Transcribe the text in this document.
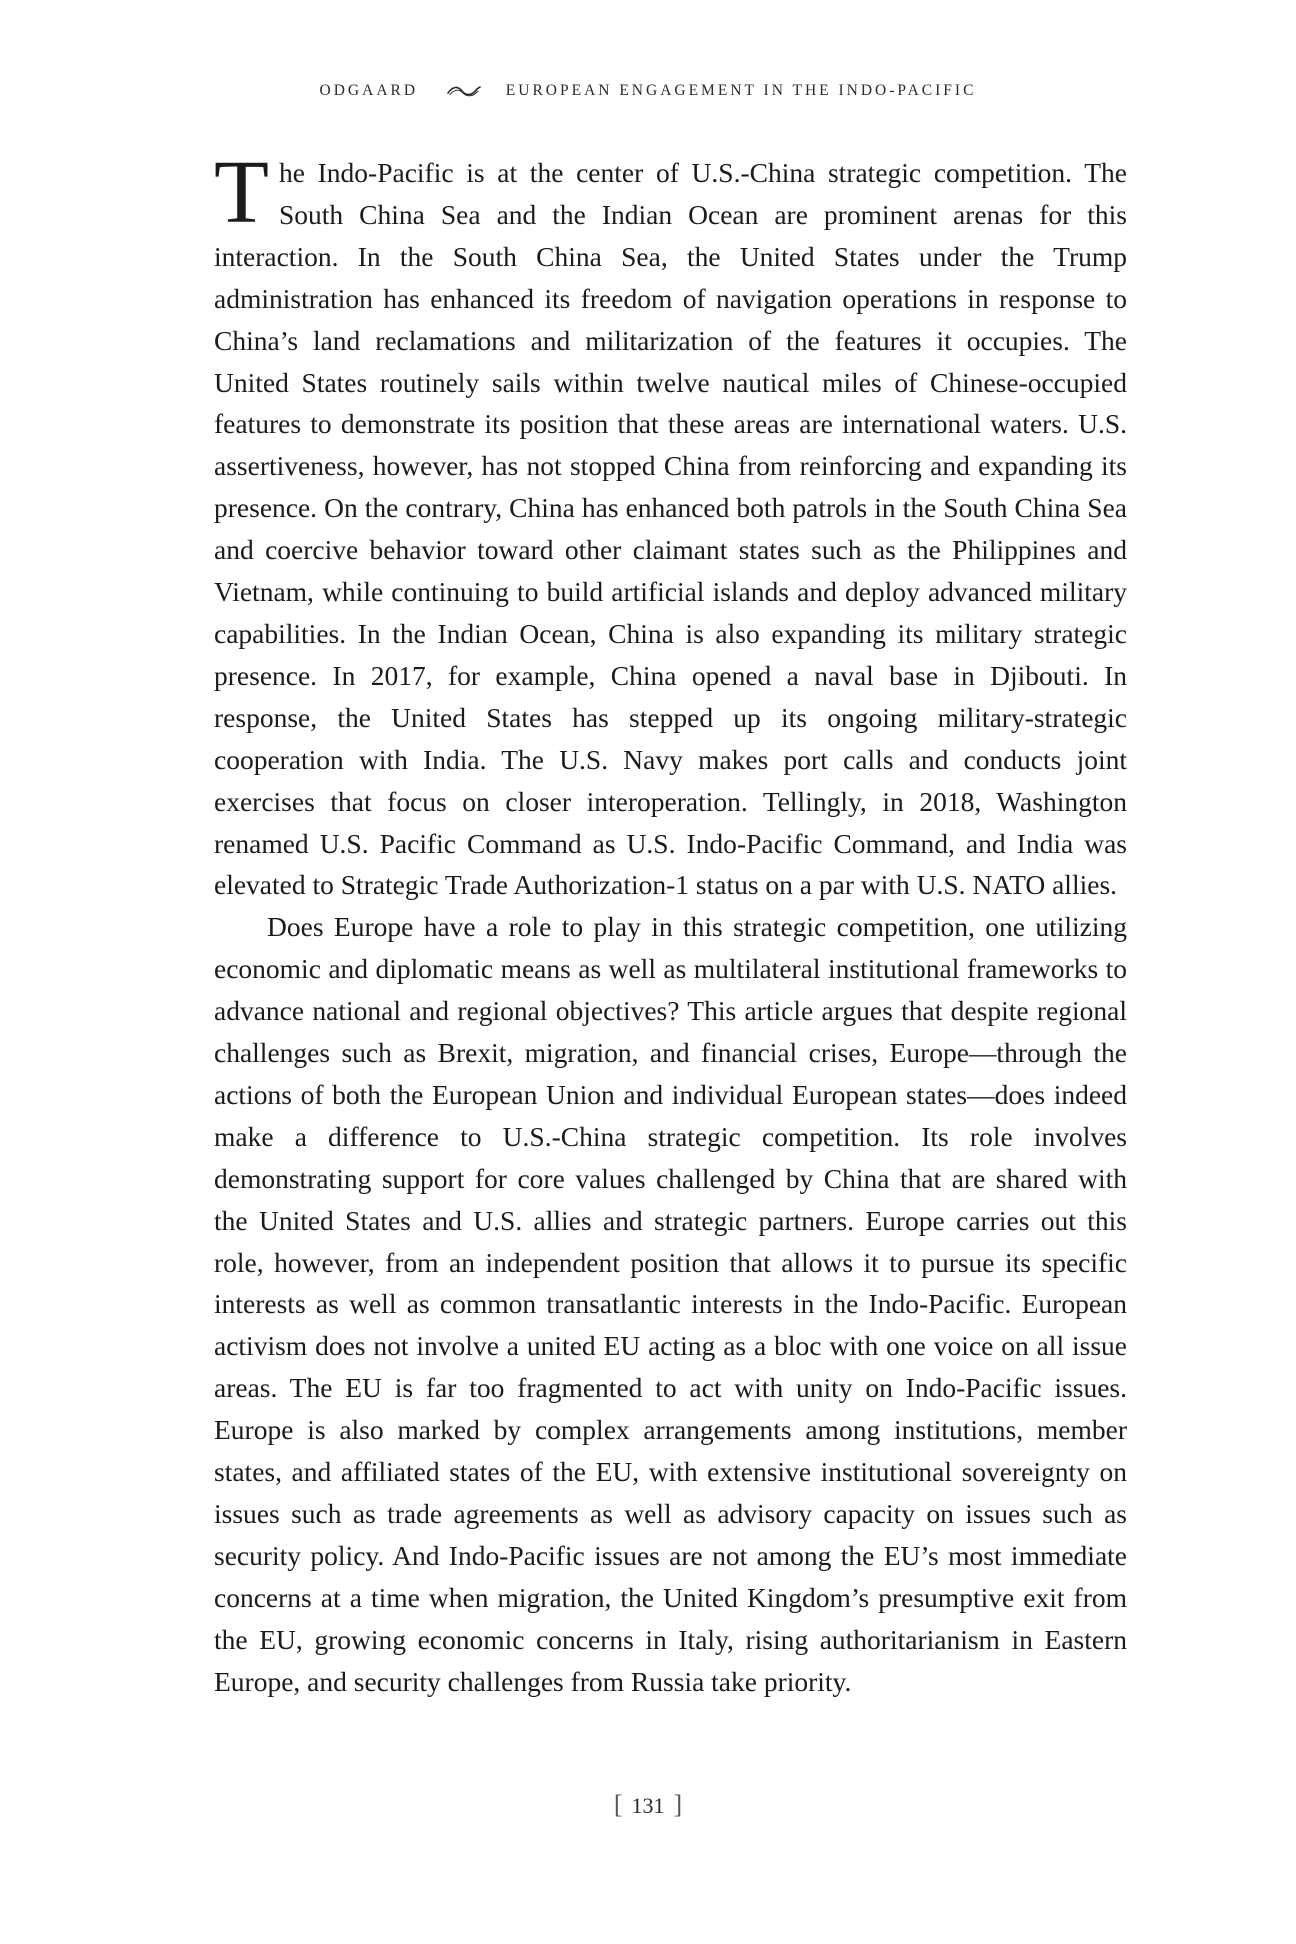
ODGAARD	EUROPEAN ENGAGEMENT IN THE INDO-PACIFIC

The Indo-Pacific is at the center of U.S.-China strategic competition. The South China Sea and the Indian Ocean are prominent arenas for this interaction. In the South China Sea, the United States under the Trump administration has enhanced its freedom of navigation operations in response to China’s land reclamations and militarization of the features it occupies. The United States routinely sails within twelve nautical miles of Chinese-occupied features to demonstrate its position that these areas are international waters. U.S. assertiveness, however, has not stopped China from reinforcing and expanding its presence. On the contrary, China has enhanced both patrols in the South China Sea and coercive behavior toward other claimant states such as the Philippines and Vietnam, while continuing to build artificial islands and deploy advanced military capabilities. In the Indian Ocean, China is also expanding its military strategic presence. In 2017, for example, China opened a naval base in Djibouti. In response, the United States has stepped up its ongoing military-strategic cooperation with India. The U.S. Navy makes port calls and conducts joint exercises that focus on closer interoperation. Tellingly, in 2018, Washington renamed U.S. Pacific Command as U.S. Indo-Pacific Command, and India was elevated to Strategic Trade Authorization-1 status on a par with U.S. NATO allies.

Does Europe have a role to play in this strategic competition, one utilizing economic and diplomatic means as well as multilateral institutional frameworks to advance national and regional objectives? This article argues that despite regional challenges such as Brexit, migration, and financial crises, Europe—through the actions of both the European Union and individual European states—does indeed make a difference to U.S.-China strategic competition. Its role involves demonstrating support for core values challenged by China that are shared with the United States and U.S. allies and strategic partners. Europe carries out this role, however, from an independent position that allows it to pursue its specific interests as well as common transatlantic interests in the Indo-Pacific. European activism does not involve a united EU acting as a bloc with one voice on all issue areas. The EU is far too fragmented to act with unity on Indo-Pacific issues. Europe is also marked by complex arrangements among institutions, member states, and affiliated states of the EU, with extensive institutional sovereignty on issues such as trade agreements as well as advisory capacity on issues such as security policy. And Indo-Pacific issues are not among the EU’s most immediate concerns at a time when migration, the United Kingdom’s presumptive exit from the EU, growing economic concerns in Italy, rising authoritarianism in Eastern Europe, and security challenges from Russia take priority.

[ 131 ]
